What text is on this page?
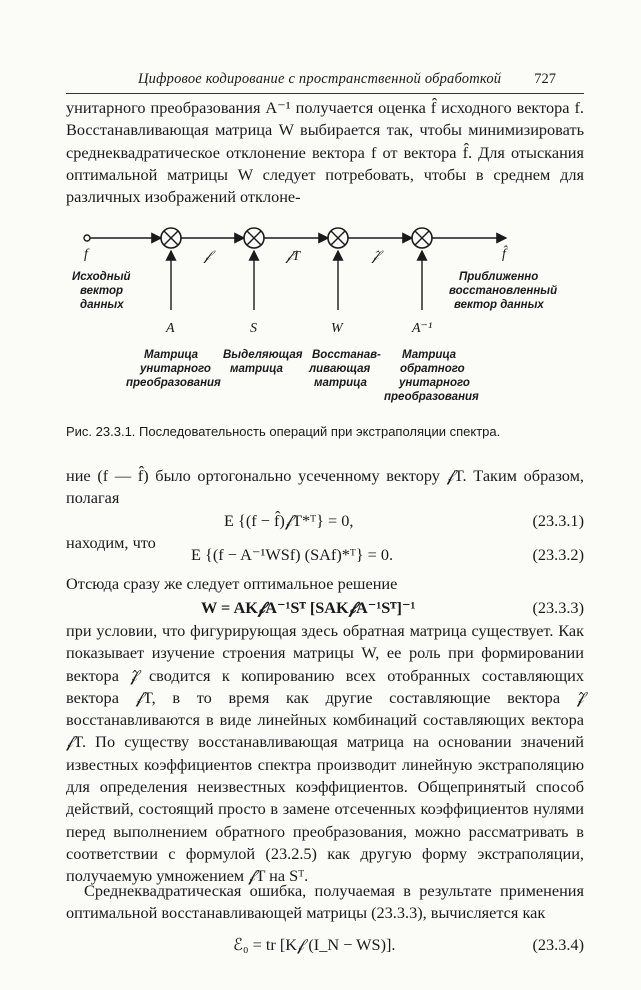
Цифровое кодирование с пространственной обработкой 727

унитарного преобразования A⁻¹ получается оценка f̂ исходного вектора f. Восстанавливающая матрица W выбирается так, чтобы минимизировать среднеквадратическое отклонение вектора f от вектора f̂. Для отыскания оптимальной матрицы W следует потребовать, чтобы в среднем для различных изображений отклоне-

f	f̂
𝒻	𝒻T	𝒻̂
A	S	W	A⁻¹
Исходный
вектор
данных
Приближенно
восстановленный
вектор данных
Матрица
унитарного
преобразования
Выделяющая
матрица
Восстанав-
ливающая
матрица
Матрица
обратного
унитарного
преобразования
Рис. 23.3.1. Последовательность операций при экстраполяции спектра.

ние (f — f̂) было ортогонально усеченному вектору 𝒻T. Таким образом, полагая

E {(f − f̂)𝒻T*ᵀ} = 0,	(23.3.1)
находим, что
E {(f − A⁻¹WSf) (SAf)*ᵀ} = 0.	(23.3.2)
Отсюда сразу же следует оптимальное решение
W = AK𝒻A⁻¹Sᵀ [SAK𝒻A⁻¹Sᵀ]⁻¹	(23.3.3)

при условии, что фигурирующая здесь обратная матрица существует. Как показывает изучение строения матрицы W, ее роль при формировании вектора 𝒻̂ сводится к копированию всех отобранных составляющих вектора 𝒻T, в то время как другие составляющие вектора 𝒻̂ восстанавливаются в виде линейных комбинаций составляющих вектора 𝒻T. По существу восстанавливающая матрица на основании значений известных коэффициентов спектра производит линейную экстраполяцию для определения неизвестных коэффициентов. Общепринятый способ действий, состоящий просто в замене отсеченных коэффициентов нулями перед выполнением обратного преобразования, можно рассматривать в соответствии с формулой (23.2.5) как другую форму экстраполяции, получаемую умножением 𝒻T на Sᵀ.

Среднеквадратическая ошибка, получаемая в результате применения оптимальной восстанавливающей матрицы (23.3.3), вычисляется как

ℰ₀ = tr [K𝒻 (I_N − WS)].	(23.3.4)
